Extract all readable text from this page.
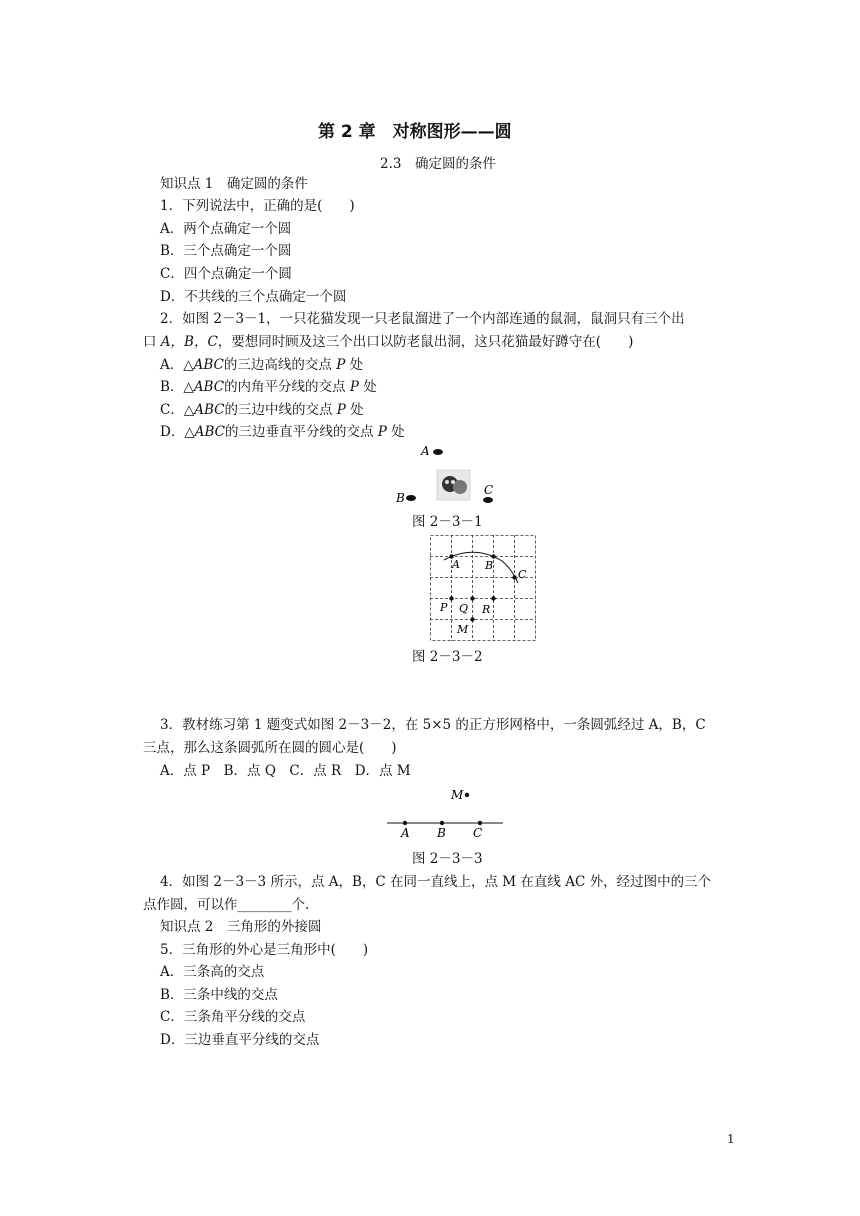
第 2 章　对称图形——圆
2.3　确定圆的条件
知识点 1　确定圆的条件
1．下列说法中，正确的是(　　)
A．两个点确定一个圆
B．三个点确定一个圆
C．四个点确定一个圆
D．不共线的三个点确定一个圆
2．如图 2－3－1，一只花猫发现一只老鼠溜进了一个内部连通的鼠洞，鼠洞只有三个出
口 A，B，C，要想同时顾及这三个出口以防老鼠出洞，这只花猫最好蹲守在(　　)
A．△ABC的三边高线的交点 P 处
B．△ABC的内角平分线的交点 P 处
C．△ABC的三边中线的交点 P 处
D．△ABC的三边垂直平分线的交点 P 处
A
B
C
图 2－3－1
A B
C
P Q R
M
图 2－3－2
3．教材练习第 1 题变式如图 2－3－2，在 5×5 的正方形网格中，一条圆弧经过 A，B，C
三点，那么这条圆弧所在圆的圆心是(　　)
A．点 P　B．点 Q　C．点 R　D．点 M
M
A B C
图 2－3－3
4．如图 2－3－3 所示，点 A，B，C 在同一直线上，点 M 在直线 AC 外，经过图中的三个
点作圆，可以作________个.
知识点 2　三角形的外接圆
5．三角形的外心是三角形中(　　)
A．三条高的交点
B．三条中线的交点
C．三条角平分线的交点
D．三边垂直平分线的交点
1
